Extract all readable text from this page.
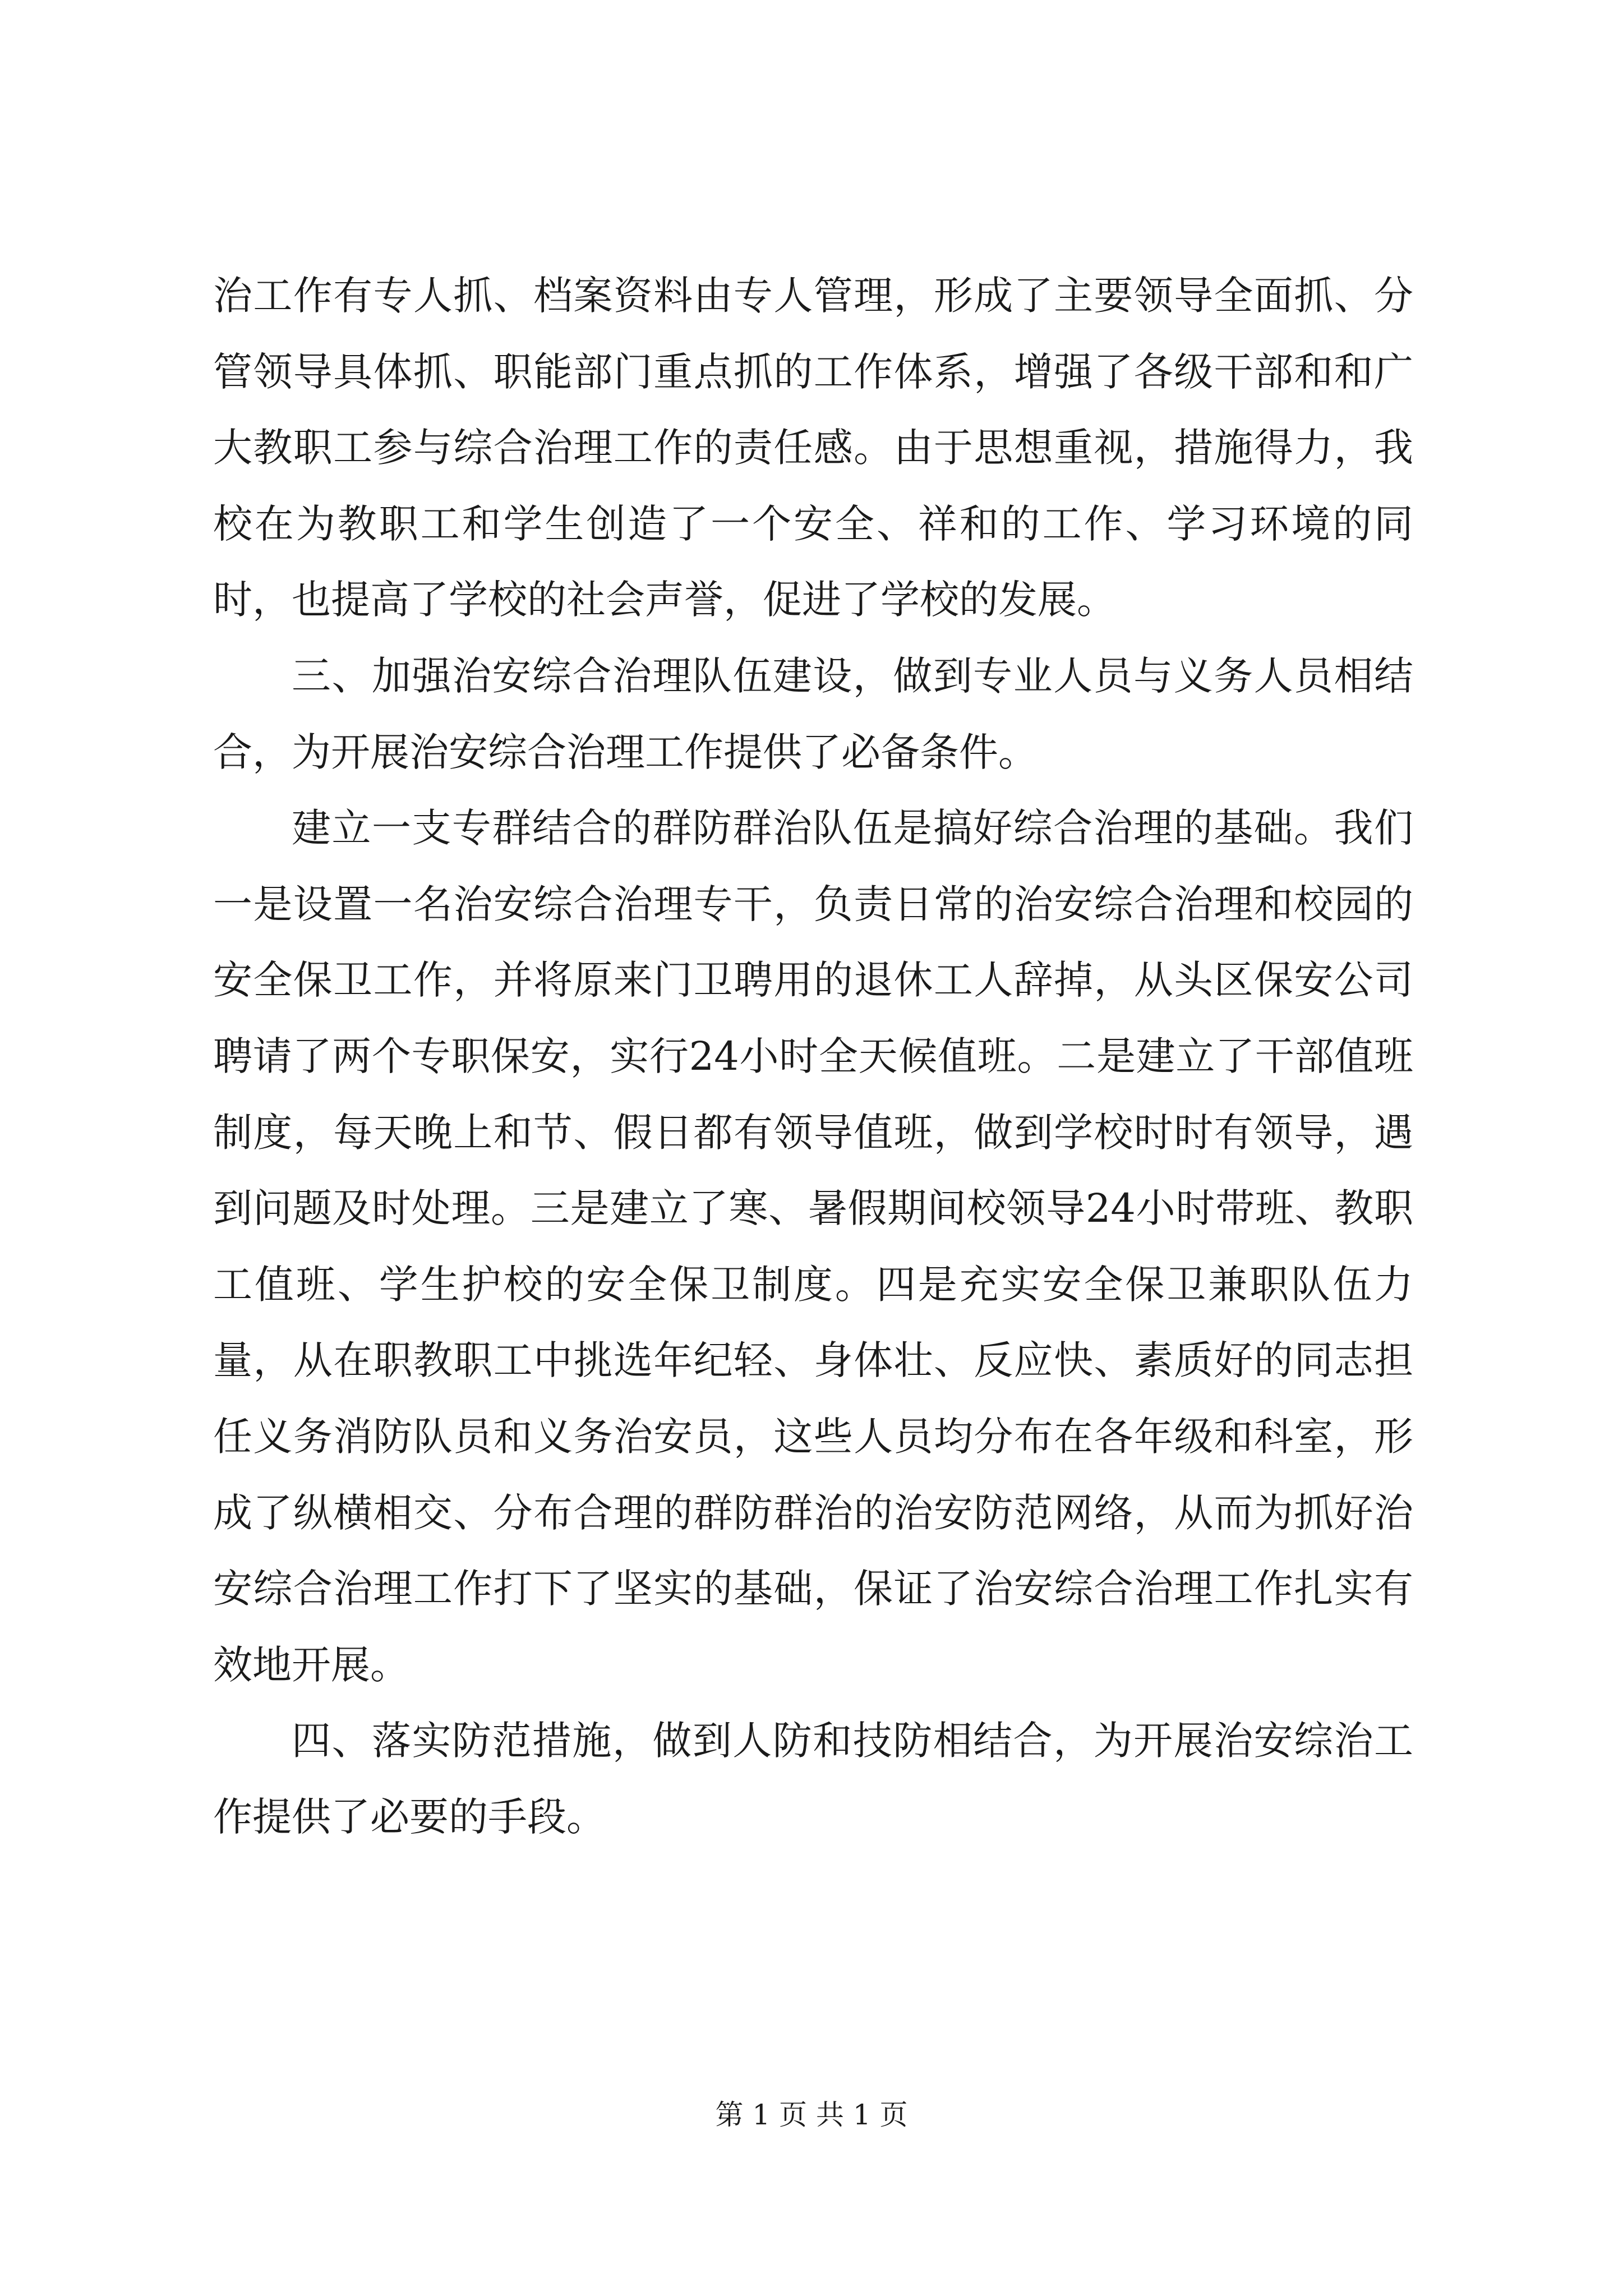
治工作有专人抓、档案资料由专人管理，形成了主要领导全面抓、分管领导具体抓、职能部门重点抓的工作体系，增强了各级干部和和广大教职工参与综合治理工作的责任感。由于思想重视，措施得力，我校在为教职工和学生创造了一个安全、祥和的工作、学习环境的同时，也提高了学校的社会声誉，促进了学校的发展。

三、加强治安综合治理队伍建设，做到专业人员与义务人员相结合，为开展治安综合治理工作提供了必备条件。

建立一支专群结合的群防群治队伍是搞好综合治理的基础。我们一是设置一名治安综合治理专干，负责日常的治安综合治理和校园的安全保卫工作，并将原来门卫聘用的退休工人辞掉，从头区保安公司聘请了两个专职保安，实行24小时全天候值班。二是建立了干部值班制度，每天晚上和节、假日都有领导值班，做到学校时时有领导，遇到问题及时处理。三是建立了寒、暑假期间校领导24小时带班、教职工值班、学生护校的安全保卫制度。四是充实安全保卫兼职队伍力量，从在职教职工中挑选年纪轻、身体壮、反应快、素质好的同志担任义务消防队员和义务治安员，这些人员均分布在各年级和科室，形成了纵横相交、分布合理的群防群治的治安防范网络，从而为抓好治安综合治理工作打下了坚实的基础，保证了治安综合治理工作扎实有效地开展。

四、落实防范措施，做到人防和技防相结合，为开展治安综治工作提供了必要的手段。

第 1 页 共 1 页
